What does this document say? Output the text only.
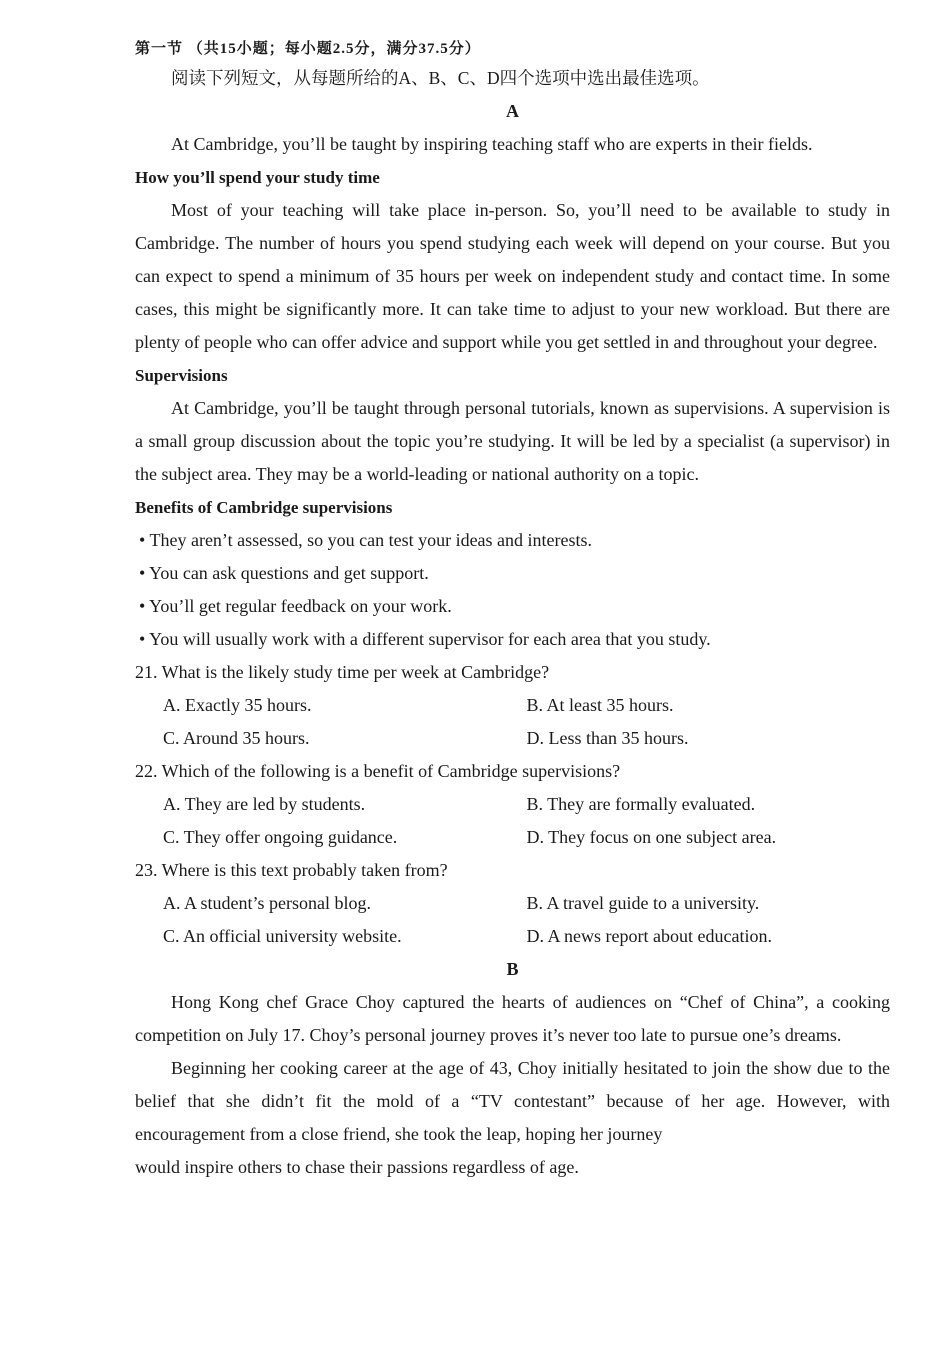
第一节 （共15小题；每小题2.5分，满分37.5分）

阅读下列短文，从每题所给的A、B、C、D四个选项中选出最佳选项。

A

At Cambridge, you’ll be taught by inspiring teaching staff who are experts in their fields.

How you’ll spend your study time

Most of your teaching will take place in-person. So, you’ll need to be available to study in Cambridge. The number of hours you spend studying each week will depend on your course. But you can expect to spend a minimum of 35 hours per week on independent study and contact time. In some cases, this might be significantly more. It can take time to adjust to your new workload. But there are plenty of people who can offer advice and support while you get settled in and throughout your degree.

Supervisions

At Cambridge, you’ll be taught through personal tutorials, known as supervisions. A supervision is a small group discussion about the topic you’re studying. It will be led by a specialist (a supervisor) in the subject area. They may be a world-leading or national authority on a topic.

Benefits of Cambridge supervisions
• They aren’t assessed, so you can test your ideas and interests.
• You can ask questions and get support.
• You’ll get regular feedback on your work.
• You will usually work with a different supervisor for each area that you study.
21. What is the likely study time per week at Cambridge?
A. Exactly 35 hours.	B. At least 35 hours.
C. Around 35 hours.	D. Less than 35 hours.
22. Which of the following is a benefit of Cambridge supervisions?
A. They are led by students.	B. They are formally evaluated.
C. They offer ongoing guidance.	D. They focus on one subject area.
23. Where is this text probably taken from?
A. A student’s personal blog.	B. A travel guide to a university.
C. An official university website.	D. A news report about education.
B

Hong Kong chef Grace Choy captured the hearts of audiences on “Chef of China”, a cooking competition on July 17. Choy’s personal journey proves it’s never too late to pursue one’s dreams.

Beginning her cooking career at the age of 43, Choy initially hesitated to join the show due to the belief that she didn’t fit the mold of a “TV contestant” because of her age. However, with encouragement from a close friend, she took the leap, hoping her journey

would inspire others to chase their passions regardless of age.
